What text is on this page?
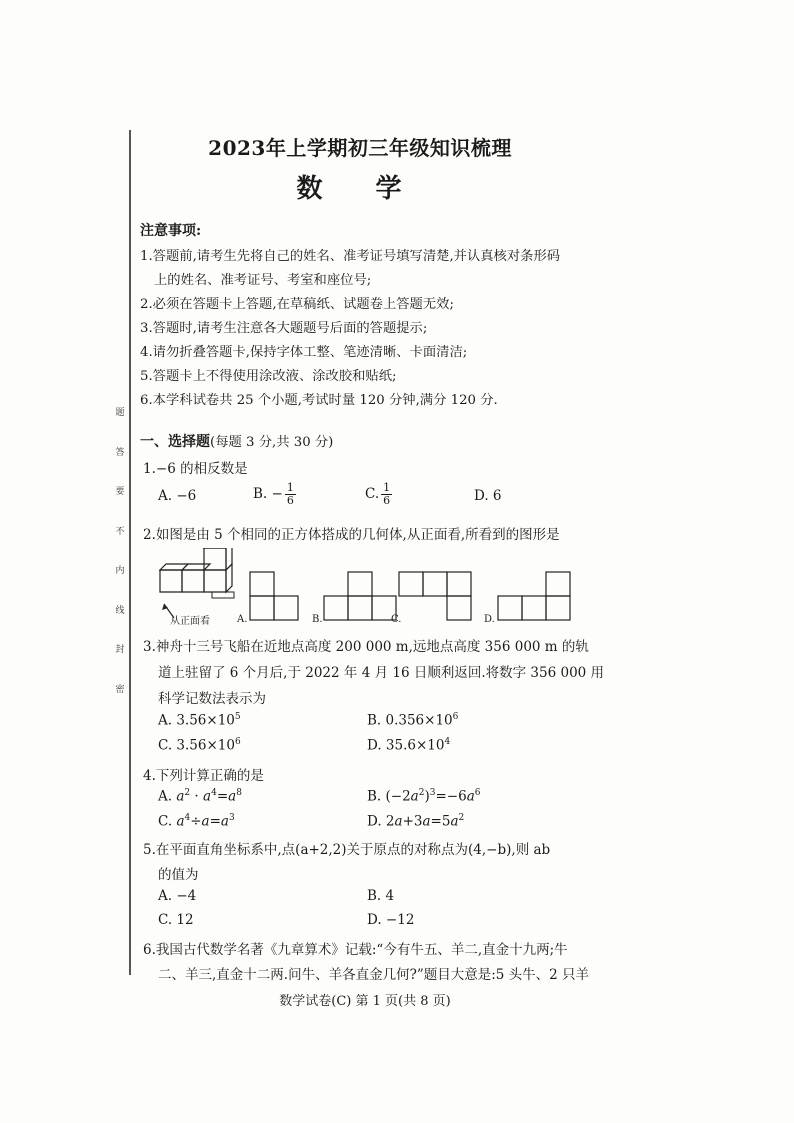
题
答
要
不
内
线
封
密
2023年上学期初三年级知识梳理
数 学
注意事项:
1.答题前,请考生先将自己的姓名、准考证号填写清楚,并认真核对条形码
上的姓名、准考证号、考室和座位号;
2.必须在答题卡上答题,在草稿纸、试题卷上答题无效;
3.答题时,请考生注意各大题题号后面的答题提示;
4.请勿折叠答题卡,保持字体工整、笔迹清晰、卡面清洁;
5.答题卡上不得使用涂改液、涂改胶和贴纸;
6.本学科试卷共 25 个小题,考试时量 120 分钟,满分 120 分.
一、选择题(每题 3 分,共 30 分)
1.−6 的相反数是
A. −6	B. − $\frac{1}{6}$	C. $\frac{1}{6}$	D. 6
2.如图是由 5 个相同的正方体搭成的几何体,从正面看,所看到的图形是
从正面看	A.	B.	C.	D.
3.神舟十三号飞船在近地点高度 200 000 m,远地点高度 356 000 m 的轨
道上驻留了 6 个月后,于 2022 年 4 月 16 日顺利返回.将数字 356 000 用
科学记数法表示为
A. $3.56\times 10^5$	B. $0.356\times 10^6$
C. $3.56\times 10^6$	D. $35.6\times 10^4$
4.下列计算正确的是
A. $a^2 \cdot a^4=a^8$	B. $(-2a^2)^3=-6a^6$
C. $a^4\div a=a^3$	D. $2a+3a=5a^2$
5.在平面直角坐标系中,点(a+2,2)关于原点的对称点为(4,−b),则 ab
的值为
A. −4	B. 4
C. 12	D. −12
6.我国古代数学名著《九章算术》记载:“今有牛五、羊二,直金十九两;牛
二、羊三,直金十二两.问牛、羊各直金几何?”题目大意是:5 头牛、2 只羊
数学试卷(C) 第 1 页(共 8 页)
